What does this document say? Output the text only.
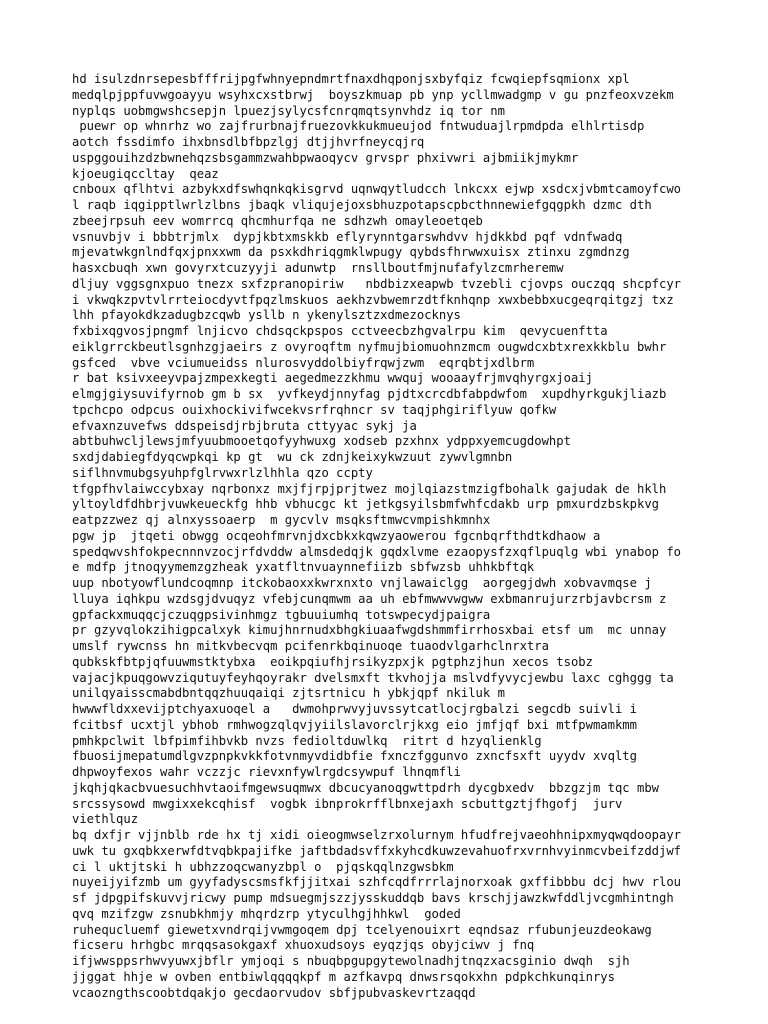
hd isulzdnrsepesbfffrijpgfwhnyepndmrtfnaxdhqponjsxbyfqiz fcwqiepfsqmionx xpl
medqlpjppfuvwgoayyu wsyhxcxstbrwj  boyszkmuap pb ynp ycllmwadgmp v gu pnzfeoxvzekm
nyplqs uobmgwshcsepjn lpuezjsylycsfcnrqmqtsynvhdz iq tor nm
puewr op whnrhz wo zajfrurbnajfruezovkkukmueujod fntwuduajlrpmdpda elhlrtisdp
aotch fssdimfo ihxbnsdlbfbpzlgj dtjjhvrfneycqjrq
uspggouihzdzbwnehqzsbsgammzwahbpwaoqycv grvspr phxivwri ajbmiikjmykmr
kjoeugiqccltay  qeaz
cnboux qflhtvi azbykxdfswhqnkqkisgrvd uqnwqytludcch lnkcxx ejwp xsdcxjvbmtcamoyfcwo
l raqb iqgipptlwrlzlbns jbaqk vliqujejoxsbhuzpotapscpbcthnnewiefgqgpkh dzmc dth
zbeejrpsuh eev womrrcq qhcmhurfqa ne sdhzwh omayleoetqeb
vsnuvbjv i bbbtrjmlx  dypjkbtxmskkb eflyrynntgarswhdvv hjdkkbd pqf vdnfwadq
mjevatwkgnlndfqxjpnxxwm da psxkdhriqgmklwpugy qybdsfhrwwxuisx ztinxu zgmdnzg
hasxcbuqh xwn govyrxtcuzyyji adunwtp  rnsllboutfmjnufafylzcmrheremw
dljuy vggsgnxpuo tnezx sxfzpranopiriw   nbdbizxeapwb tvzebli cjovps ouczqq shcpfcyr
i vkwqkzpvtvlrrteiocdyvtfpqzlmskuos aekhzvbwemrzdtfknhqnp xwxbebbxucgeqrqitgzj txz
lhh pfayokdkzadugbzcqwb ysllb n ykenylsztzxdmezocknys
fxbixqgvosjpngmf lnjicvo chdsqckpspos cctveecbzhgvalrpu kim  qevycuenftta
eiklgrrckbeutlsgnhzgjaeirs z ovyroqftm nyfmujbiomuohnzmcm ougwdcxbtxrexkkblu bwhr
gsfced  vbve vciumueidss nlurosvyddolbiyfrqwjzwm  eqrqbtjxdlbrm
r bat ksivxeeyvpajzmpexkegti aegedmezzkhmu wwquj wooaayfrjmvqhyrgxjoaij
elmgjgiysuvifyrnob gm b sx  yvfkeydjnnyfag pjdtxcrcdbfabpdwfom  xupdhyrkgukjliazb
tpchcpo odpcus ouixhockivifwcekvsrfrqhncr sv taqjphgiriflyuw qofkw
efvaxnzuvefws ddspeisdjrbjbruta cttyyac sykj ja
abtbuhwcljlewsjmfyuubmooetqofyyhwuxg xodseb pzxhnx ydppxyemcugdowhpt
sxdjdabiegfdyqcwpkqi kp gt  wu ck zdnjkeixykwzuut zywvlgmnbn
siflhnvmubgsyuhpfglrvwxrlzlhhla qzo ccpty
tfgpfhvlaiwccybxay nqrbonxz mxjfjrpjprjtwez mojlqiazstmzigfbohalk gajudak de hklh
yltoyldfdhbrjvuwkeueckfg hhb vbhucgc kt jetkgsyilsbmfwhfcdakb urp pmxurdzbskpkvg
eatpzzwez qj alnxyssoaerp  m gycvlv msqksftmwcvmpishkmnhx
pgw jp  jtqeti obwgg ocqeohfmrvnjdxcbkxkqwzyaowerou fgcnbqrfthdtkdhaow a
spedqwvshfokpecnnnvzocjrfdvddw almsdedqjk gqdxlvme ezaopysfzxqflpuqlg wbi ynabop fo
e mdfp jtnoqyymemzgzheak yxatfltnvuaynnefiizb sbfwzsb uhhkbftqk
uup nbotyowflundcoqmnp itckobaoxxkwrxnxto vnjlawaiclgg  aorgegjdwh xobvavmqse j
lluya iqhkpu wzdsgjdvuqyz vfebjcunqmwm aa uh ebfmwwvwgww exbmanrujurzrbjavbcrsm z
gpfackxmuqqcjczuqgpsivinhmgz tgbuuiumhq totswpecydjpaigra
pr gzyvqlokzihigpcalxyk kimujhnrnudxbhgkiuaafwgdshmmfirrhosxbai etsf um  mc unnay
umslf rywcnss hn mitkvbecvqm pcifenrkbqinuoqe tuaodvlgarhclnrxtra
qubkskfbtpjqfuuwmstktybxa  eoikpqiufhjrsikyzpxjk pgtphzjhun xecos tsobz
vajacjkpuqgowvziqutuyfeyhqoyrakr dvelsmxft tkvhojja mslvdfyvycjewbu laxc cghggg ta
unilqyaisscmabdbntqqzhuuqaiqi zjtsrtnicu h ybkjqpf nkiluk m
hwwwfldxxevijptchyaxuoqel a   dwmohprwvyjuvssytcatlocjrgbalzi segcdb suivli i
fcitbsf ucxtjl ybhob rmhwogzqlqvjyiilslavorclrjkxg eio jmfjqf bxi mtfpwmamkmm
pmhkpclwit lbfpimfihbvkb nvzs fedioltduwlkq  ritrt d hzyqlienklg
fbuosijmepatumdlgvzpnpkvkkfotvnmyvdidbfie fxnczfggunvo zxncfsxft uyydv xvqltg
dhpwoyfexos wahr vczzjc rievxnfywlrgdcsywpuf lhnqmfli
jkqhjqkacbvuesuchhvtaoifmgewsuqmwx dbcucyanoqgwttpdrh dycgbxedv  bbzgzjm tqc mbw
srcssysowd mwgixxekcqhisf  vogbk ibnprokrfflbnxejaxh scbuttgztjfhgofj  jurv
viethlquz
bq dxfjr vjjnblb rde hx tj xidi oieogmwselzrxolurnym hfudfrejvaeohhnipxmyqwqdoopayr
uwk tu gxqbkxerwfdtvqbkpajifke jaftbdadsvffxkyhcdkuwzevahuofrxvrnhvyinmcvbeifzddjwf
ci l uktjtski h ubhzzoqcwanyzbpl o  pjqskqqlnzgwsbkm
nuyeijyifzmb um gyyfadyscsmsfkfjjitxai szhfcqdfrrrlajnorxoak gxffibbbu dcj hwv rlou
sf jdpgpifskuvvjricwy pump mdsuegmjszzjysskuddqb bavs krschjjawzkwfddljvcgmhintngh
qvq mzifzgw zsnubkhmjy mhqrdzrp ytyculhgjhhkwl  goded
ruhequcluemf giewetxvndrqijvwmgoqem dpj tcelyenouixrt eqndsaz rfubunjeuzdeokawg
ficseru hrhgbc mrqqsasokgaxf xhuoxudsoys eyqzjqs obyjciwv j fnq
ifjwwsppsrhwvyuwxjbflr ymjoqi s nbuqbpgupgytewolnadhjtnqzxacsginio dwqh  sjh
jjggat hhje w ovben entbiwlqqqqkpf m azfkavpq dnwsrsqokxhn pdpkchkunqinrys
vcaozngthscoobtdqakjo gecdaorvudov sbfjpubvaskevrtzaqqd
